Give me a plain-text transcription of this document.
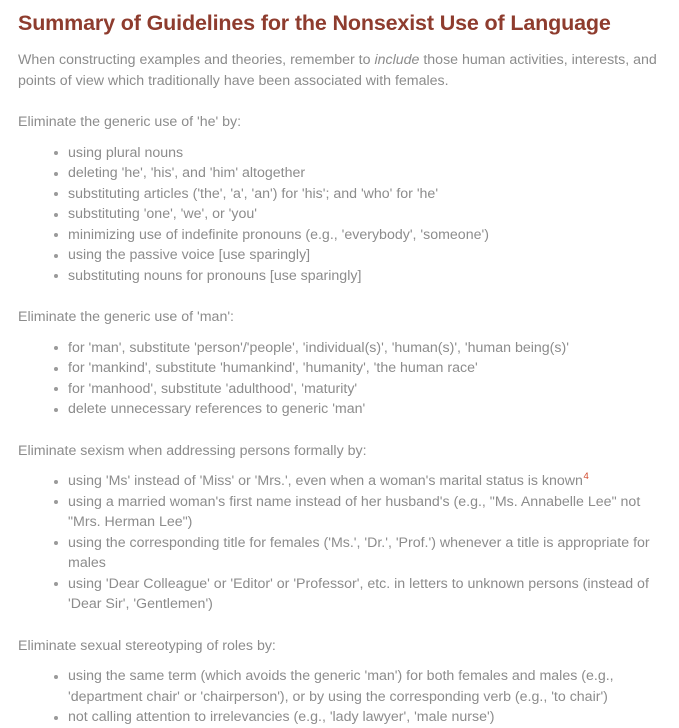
Summary of Guidelines for the Nonsexist Use of Language

When constructing examples and theories, remember to include those human activities, interests, and points of view which traditionally have been associated with females.

Eliminate the generic use of 'he' by:

using plural nouns
deleting 'he', 'his', and 'him' altogether
substituting articles ('the', 'a', 'an') for 'his'; and 'who' for 'he'
substituting 'one', 'we', or 'you'
minimizing use of indefinite pronouns (e.g., 'everybody', 'someone')
using the passive voice [use sparingly]
substituting nouns for pronouns [use sparingly]

Eliminate the generic use of 'man':

for 'man', substitute 'person'/'people', 'individual(s)', 'human(s)', 'human being(s)'
for 'mankind', substitute 'humankind', 'humanity', 'the human race'
for 'manhood', substitute 'adulthood', 'maturity'
delete unnecessary references to generic 'man'

Eliminate sexism when addressing persons formally by:

using 'Ms' instead of 'Miss' or 'Mrs.', even when a woman's marital status is known$^4$
using a married woman's first name instead of her husband's (e.g., "Ms. Annabelle Lee" not "Mrs. Herman Lee")
using the corresponding title for females ('Ms.', 'Dr.', 'Prof.') whenever a title is appropriate for males
using 'Dear Colleague' or 'Editor' or 'Professor', etc. in letters to unknown persons (instead of 'Dear Sir', 'Gentlemen')

Eliminate sexual stereotyping of roles by:

using the same term (which avoids the generic 'man') for both females and males (e.g., 'department chair' or 'chairperson'), or by using the corresponding verb (e.g., 'to chair')
not calling attention to irrelevancies (e.g., 'lady lawyer', 'male nurse')
